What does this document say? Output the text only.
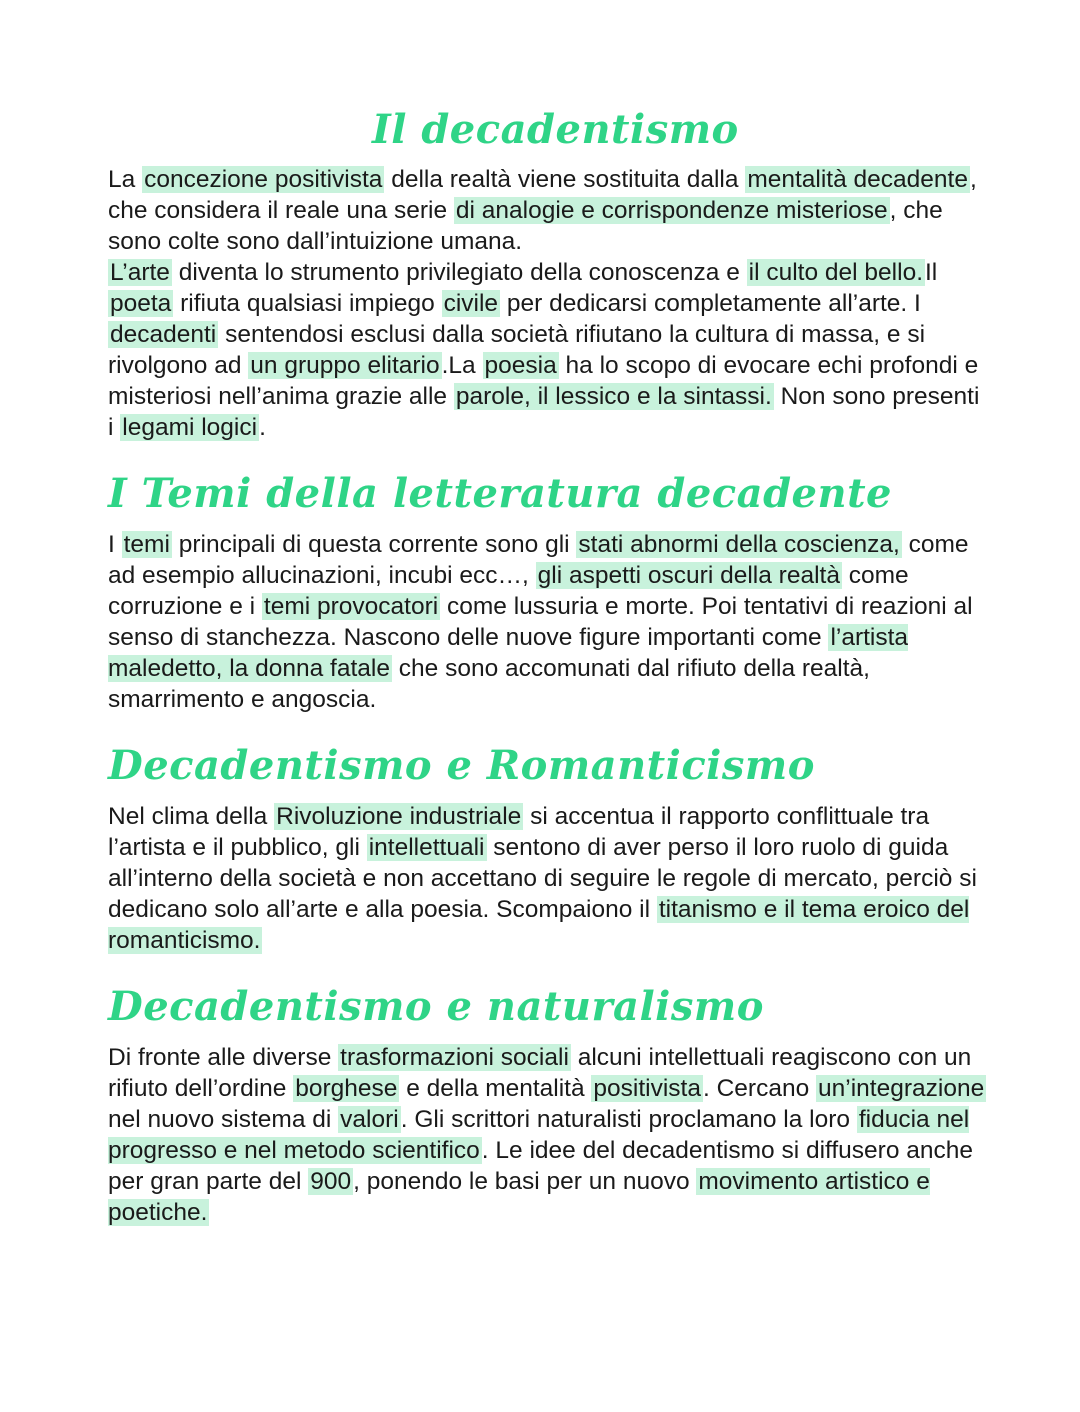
Il decadentismo

La concezione positivista della realtà viene sostituita dalla mentalità decadente, che considera il reale una serie di analogie e corrispondenze misteriose, che sono colte sono dall’intuizione umana.
L’arte diventa lo strumento privilegiato della conoscenza e il culto del bello.Il poeta rifiuta qualsiasi impiego civile per dedicarsi completamente all’arte. I decadenti sentendosi esclusi dalla società rifiutano la cultura di massa, e si rivolgono ad un gruppo elitario.La poesia ha lo scopo di evocare echi profondi e misteriosi nell’anima grazie alle parole, il lessico e la sintassi. Non sono presenti i legami logici.

I Temi della letteratura decadente

I temi principali di questa corrente sono gli stati abnormi della coscienza, come ad esempio allucinazioni, incubi ecc…, gli aspetti oscuri della realtà come corruzione e i temi provocatori come lussuria e morte. Poi tentativi di reazioni al senso di stanchezza. Nascono delle nuove figure importanti come l’artista maledetto, la donna fatale che sono accomunati dal rifiuto della realtà, smarrimento e angoscia.

Decadentismo e Romanticismo

Nel clima della Rivoluzione industriale si accentua il rapporto conflittuale tra l’artista e il pubblico, gli intellettuali sentono di aver perso il loro ruolo di guida all’interno della società e non accettano di seguire le regole di mercato, perciò si dedicano solo all’arte e alla poesia. Scompaiono il titanismo e il tema eroico del romanticismo.

Decadentismo e naturalismo

Di fronte alle diverse trasformazioni sociali alcuni intellettuali reagiscono con un rifiuto dell’ordine borghese e della mentalità positivista. Cercano un’integrazione nel nuovo sistema di valori. Gli scrittori naturalisti proclamano la loro fiducia nel progresso e nel metodo scientifico. Le idee del decadentismo si diffusero anche per gran parte del 900, ponendo le basi per un nuovo movimento artistico e poetiche.
